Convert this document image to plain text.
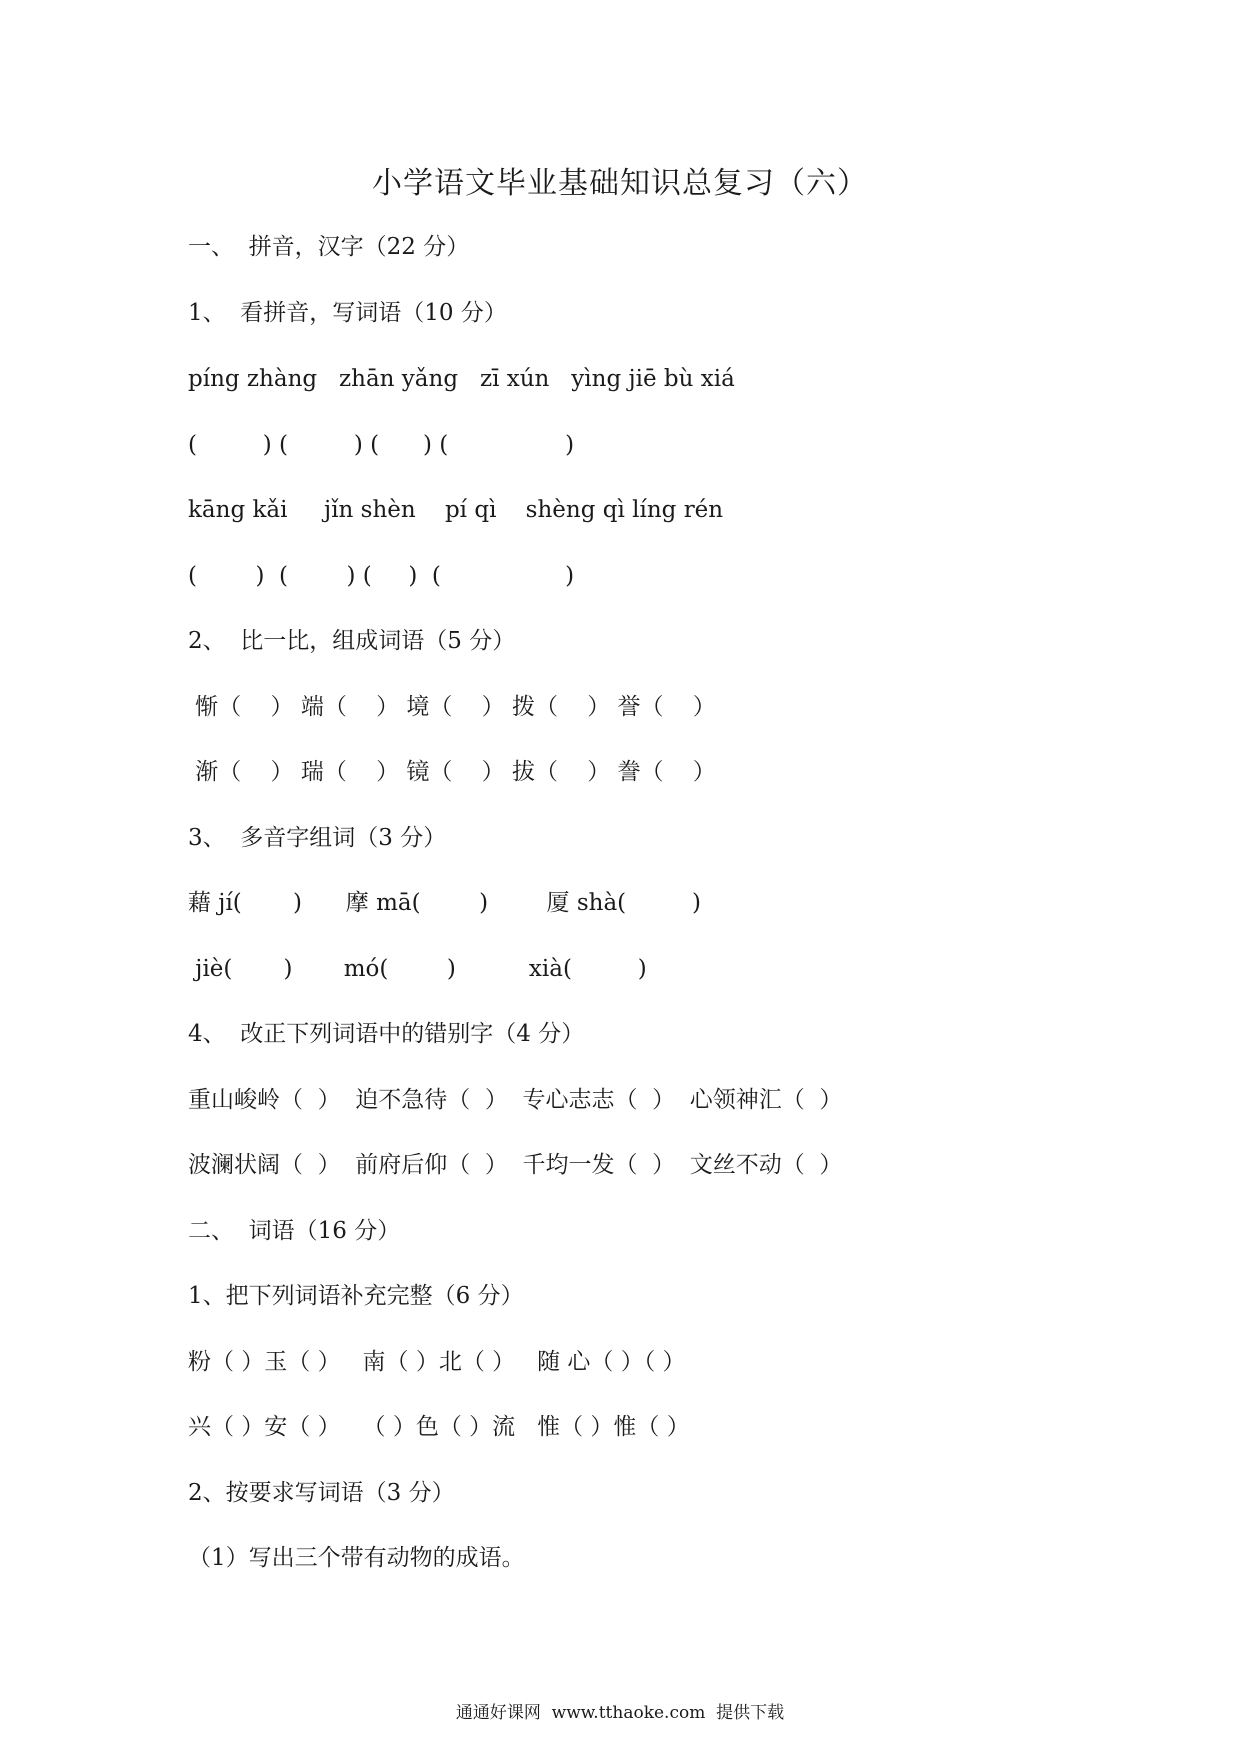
小学语文毕业基础知识总复习（六）
一、  拼音，汉字（22 分）
1、  看拼音，写词语（10 分）
píng zhàng   zhān yǎng   zī xún   yìng jiē bù xiá
(         ) (         ) (      ) (                )
kāng kǎi     jǐn shèn    pí qì    shèng qì líng rén
(        )  (        ) (     )  (                 )
2、  比一比，组成词语（5 分）
惭（    ） 端（    ） 境（    ） 拨（    ） 誉（    ）
渐（    ） 瑞（    ） 镜（    ） 拔（    ） 誊（    ）
3、  多音字组词（3 分）
藉 jí(       )      摩 mā(        )        厦 shà(         )
jiè(       )       mó(        )          xià(         )
4、  改正下列词语中的错别字（4 分）
重山峻岭（  ）  迫不急待（  ）  专心志志（  ）  心领神汇（  ）
波澜状阔（  ）  前府后仰（  ）  千均一发（  ）  文丝不动（  ）
二、  词语（16 分）
1、把下列词语补充完整（6 分）
粉（ ）玉（ ）   南（ ）北（ ）   随 心（ ）（ ）
兴（ ）安（ ）   （ ）色（ ）流   惟（ ）惟（ ）
2、按要求写词语（3 分）
（1）写出三个带有动物的成语。
通通好课网  www.tthaoke.com  提供下载
